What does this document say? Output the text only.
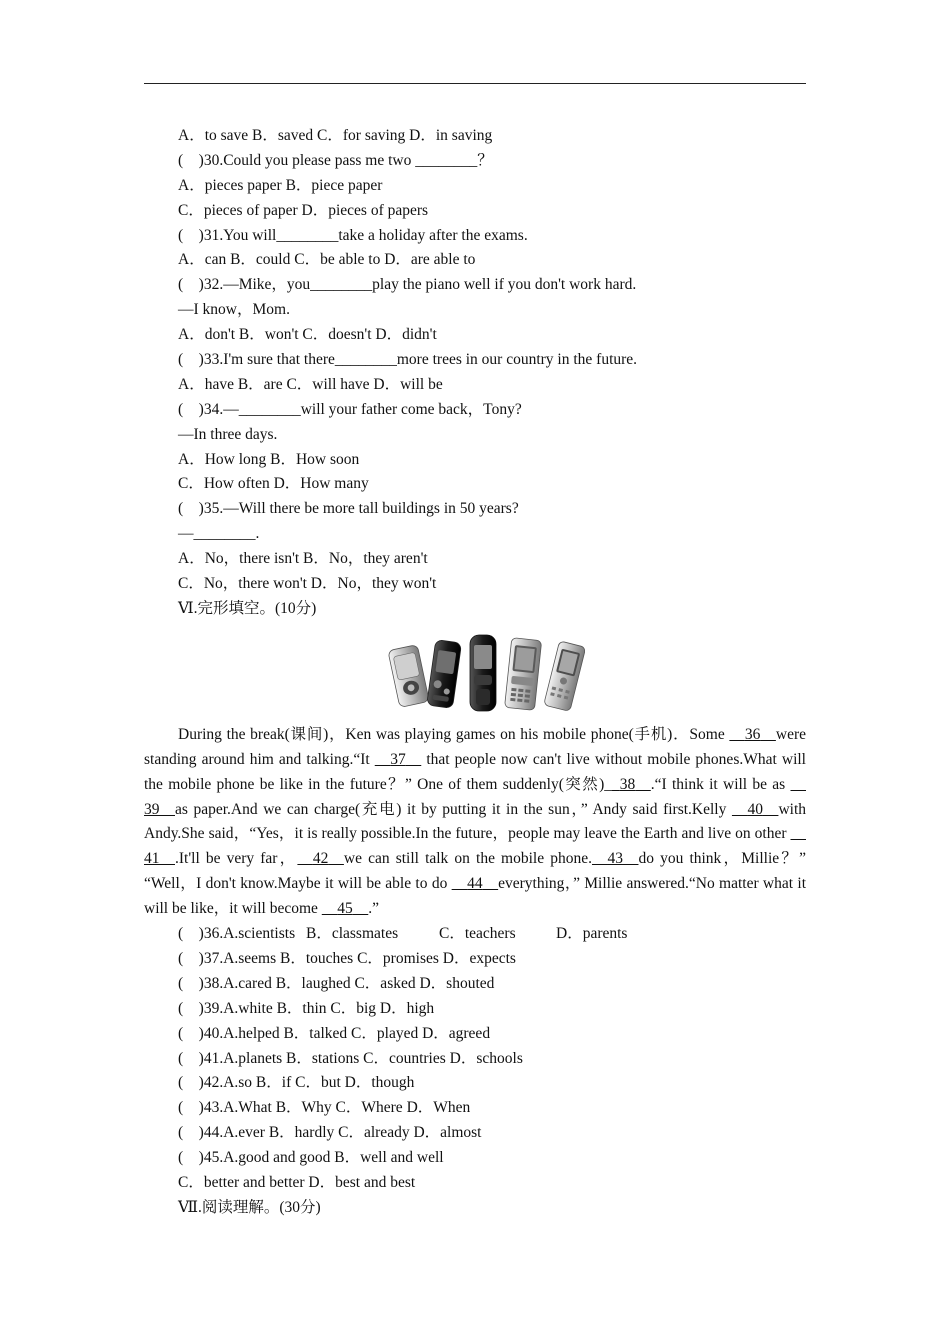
A．to save B．saved C．for saving D．in saving
(　)30.Could you please pass me two ________？
A．pieces paper B．piece paper
C．pieces of paper D．pieces of papers
(　)31.You will________take a holiday after the exams.
A．can B．could C．be able to D．are able to
(　)32.—Mike，you________play the piano well if you don't work hard.
—I know，Mom.
A．don't B．won't C．doesn't D．didn't
(　)33.I'm sure that there________more trees in our country in the future.
A．have B．are C．will have D．will be
(　)34.—________will your father come back，Tony?
—In three days.
A．How long B．How soon
C．How often D．How many
(　)35.—Will there be more tall buildings in 50 years?
—________.
A．No，there isn't B．No，they aren't
C．No，there won't D．No，they won't
Ⅵ.完形填空。(10分)

During the break(课间)，Ken was playing games on his mobile phone(手机)．Some   36   were standing around him and talking.“It   37   that people now can't live without mobile phones.What will the mobile phone be like in the future？” One of them suddenly(突然)_  38   .“I think it will be as   39   as paper.And we can charge(充电) it by putting it in the sun，” Andy said first.Kelly   40   with Andy.She said，“Yes，it is really possible.In the future，people may leave the Earth and live on other   41   .It'll be very far，   42   we can still talk on the mobile phone.   43   do you think，Millie？” “Well，I don't know.Maybe it will be able to do   44   everything，” Millie answered.“No matter what it will be like，it will become   45   .”

(　)36.A.scientists B．classmates	C．teachers	D．parents
(　)37.A.seems B．touches C．promises D．expects
(　)38.A.cared B．laughed C．asked D．shouted
(　)39.A.white B．thin C．big D．high
(　)40.A.helped B．talked C．played D．agreed
(　)41.A.planets B．stations C．countries D．schools
(　)42.A.so B．if C．but D．though
(　)43.A.What B．Why C．Where D．When
(　)44.A.ever B．hardly C．already D．almost
(　)45.A.good and good B．well and well
C．better and better D．best and best
Ⅶ.阅读理解。(30分)
